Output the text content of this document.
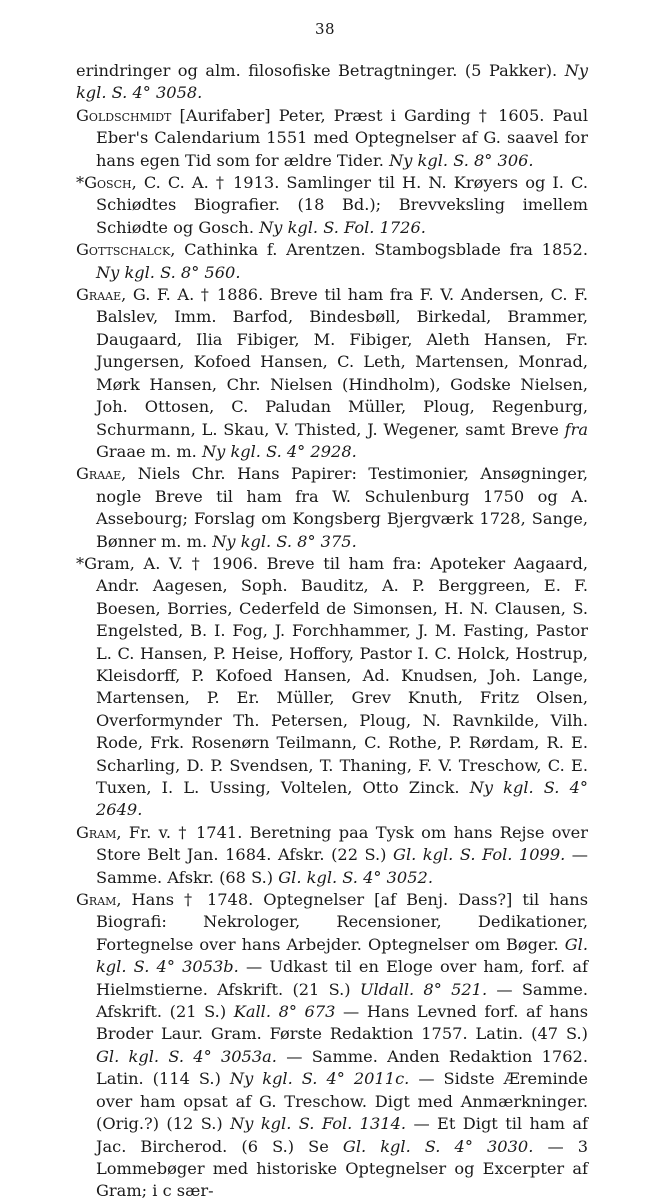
38

erindringer og alm. filosofiske Betragtninger. (5 Pakker). Ny kgl. S. 4° 3058.

Goldschmidt [Aurifaber] Peter, Præst i Garding † 1605. Paul Eber's Calendarium 1551 med Optegnelser af G. saavel for hans egen Tid som for ældre Tider. Ny kgl. S. 8° 306.

*Gosch, C. C. A. † 1913. Samlinger til H. N. Krøyers og I. C. Schiødtes Biografier. (18 Bd.); Brevveksling imellem Schiødte og Gosch. Ny kgl. S. Fol. 1726.

Gottschalck, Cathinka f. Arentzen. Stambogsblade fra 1852. Ny kgl. S. 8° 560.

Graae, G. F. A. † 1886. Breve til ham fra F. V. Andersen, C. F. Balslev, Imm. Barfod, Bindesbøll, Birkedal, Brammer, Daugaard, Ilia Fibiger, M. Fibiger, Aleth Hansen, Fr. Jungersen, Kofoed Hansen, C. Leth, Martensen, Monrad, Mørk Hansen, Chr. Nielsen (Hindholm), Godske Nielsen, Joh. Ottosen, C. Paludan Müller, Ploug, Regenburg, Schurmann, L. Skau, V. Thisted, J. Wegener, samt Breve fra Graae m. m. Ny kgl. S. 4° 2928.

Graae, Niels Chr. Hans Papirer: Testimonier, Ansøgninger, nogle Breve til ham fra W. Schulenburg 1750 og A. Assebourg; Forslag om Kongsberg Bjergværk 1728, Sange, Bønner m. m. Ny kgl. S. 8° 375.

*Gram, A. V. † 1906. Breve til ham fra: Apoteker Aagaard, Andr. Aagesen, Soph. Bauditz, A. P. Berggreen, E. F. Boesen, Borries, Cederfeld de Simonsen, H. N. Clausen, S. Engelsted, B. I. Fog, J. Forchhammer, J. M. Fasting, Pastor L. C. Hansen, P. Heise, Hoffory, Pastor I. C. Holck, Hostrup, Kleisdorff, P. Kofoed Hansen, Ad. Knudsen, Joh. Lange, Martensen, P. Er. Müller, Grev Knuth, Fritz Olsen, Overformynder Th. Petersen, Ploug, N. Ravnkilde, Vilh. Rode, Frk. Rosenørn Teilmann, C. Rothe, P. Rørdam, R. E. Scharling, D. P. Svendsen, T. Thaning, F. V. Treschow, C. E. Tuxen, I. L. Ussing, Voltelen, Otto Zinck. Ny kgl. S. 4° 2649.

Gram, Fr. v. † 1741. Beretning paa Tysk om hans Rejse over Store Belt Jan. 1684. Afskr. (22 S.) Gl. kgl. S. Fol. 1099. — Samme. Afskr. (68 S.) Gl. kgl. S. 4° 3052.

Gram, Hans † 1748. Optegnelser [af Benj. Dass?] til hans Biografi: Nekrologer, Recensioner, Dedikationer, Fortegnelse over hans Arbejder. Optegnelser om Bøger. Gl. kgl. S. 4° 3053b. — Udkast til en Eloge over ham, forf. af Hielmstierne. Afskrift. (21 S.) Uldall. 8° 521. — Samme. Afskrift. (21 S.) Kall. 8° 673 — Hans Levned forf. af hans Broder Laur. Gram. Første Redaktion 1757. Latin. (47 S.) Gl. kgl. S. 4° 3053a. — Samme. Anden Redaktion 1762. Latin. (114 S.) Ny kgl. S. 4° 2011c. — Sidste Æreminde over ham opsat af G. Treschow. Digt med Anmærkninger. (Orig.?) (12 S.) Ny kgl. S. Fol. 1314. — Et Digt til ham af Jac. Bircherod. (6 S.) Se Gl. kgl. S. 4° 3030. — 3 Lommebøger med historiske Optegnelser og Excerpter af Gram; i c sær-
